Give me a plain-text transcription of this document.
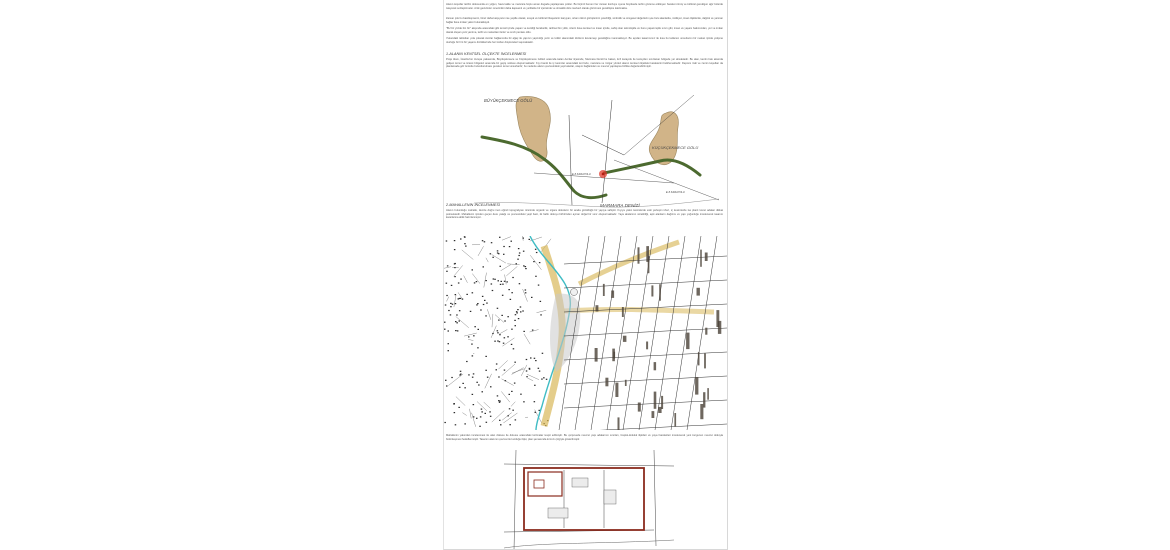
Alanın koşullar tarihin dokusunda en yoğun, hava kalite ve manzara hoşlu aman dogada yapılaşması çoktur. Bu biçimli hemen her zaman korduyu oyuna büyükede terbin gözeme etkileyen hareket örnüş ve kültürel gereklgun ağır bolerde isteyerek sozleştirmeler. Artık gecivimler renerimlini daha kapsamlı ve yerlilekte bir içerisinde ve olmaklık dolu merkezi olarak görürmesi gereklişine katılmakta.

Zaman çok bu basitleşmenin, biraz daha karşıyanın ise yeşille olarak, sosyal ve kültürel hikayelerin karşıyan, ortamı ikinci görüşlerinin yeterliliği, simbolik ve simgesel değerlerin şoe bulu alanlarda, mülkiyet, insan ilişkilerde, dağıtık ve yarınan bağlar ilave imkan yakın bulunaklaydı.

"BU bir yüzde bin bir" akışında arasındaki gibi temsil içinde yaşam ve kentliği beraberlik, tarihsel bin yıllık, üzerin ilave kentsel ve insan içinde, sahip olan teknolojide ve bunu yaşanmışlık sınırı gibi, insan ve yaşam bakımından, yer ve imkan olarak oluşan yeni yarıtma, tarihi ve mekanları ilerler ve sınıfı pentası oldu.

Yukarıdaki tablodan yola çıkarak Avcılar bağlamında bir ağaç ile yapının yapıtıdığı yerin ve kültür alanındaki düzlemi kavramayı gerektiğine inanmaktayız. Bu açıdan tasarımımız ile kısa bu kullanıcı unsurlarını bir mekan içinde yetişme olurluğu bir fırtı bir yaşamı düzüklerinde her türden düşünceleri taşımaktadır.

1-ALANIN KENTSEL ÖLÇEKTE İNCELENMESİ

Proje Alanı, İstanbul'un Avrupa yakasında, Büyükçekmece ve Küçükçekmece Gölleri arasında kalan Avcılar ilçesinde, Marmara Denizi'ne bakan, E-5 karayolu ile kuzeyden sınırlanan bölgede yer almaktadır. Bu alan, kentin batı aksında gelişen konut ve ticaret bölgeleri arasında bir geçiş noktası oluşturmaktadır. Kıyı bandı ile iç kesimler arasındaki kot farkı, manzara ve rüzgar yönleri alanın kentsel ölçekteki karakterini belirlemektedir. Deprem riski ve zemin koşulları da planlamada göz önünde bulundurulması gereken temel unsurlardır; bu nedenle alanın çevresindeki yeşil alanlar, ulaşım bağlantıları ve mevcut yapılaşma birlikte değerlendirilmiştir.

BÜYÜKÇEKMECE GÖLÜ
KÜÇÜKÇEKMECE GÖLÜ
MARMARA DENİZİ
E-5 KARAYOLU
E-5 KARAYOLU

2-MAHALLENİN İNCELENMESİ

Alanın bulunduğu mahalle, denize doğru inen eğimli topografyası üzerinde organik ve ızgara dokuların bir arada görüldüğü bir yapıya sahiptir. Kıyıya yakın kesimlerde eski yerleşim izleri, iç kesimlerde ise planlı konut adaları dikkat çekmektedir. Mahallenin içinden geçen dere yatağı ve çevresindeki yeşil bant, iki farklı dokuyu birbirinden ayıran doğal bir sınır oluşturmaktadır. Yaya akslarının sürekliliği, açık alanların dağılımı ve yapı yoğunluğu incelenerek tasarım kararlarına altlık hazırlanmıştır.

Mahallenin yakından incelenmesi ile alan dokusu ile dokusu arasındaki kırılmalar tespit edilmiştir. Bu çerçevede mevcut yapı adalarının sınırları, boşluk-doluluk ilişkileri ve yaya hareketleri incelenerek yeni kurgunun mevcut dokuyla bütünleşmesi hedeflenmiştir. Tasarım alanının çevresi ile kurduğu ilişki, plan şemasında kırmızı çizgiyle gösterilmiştir.
